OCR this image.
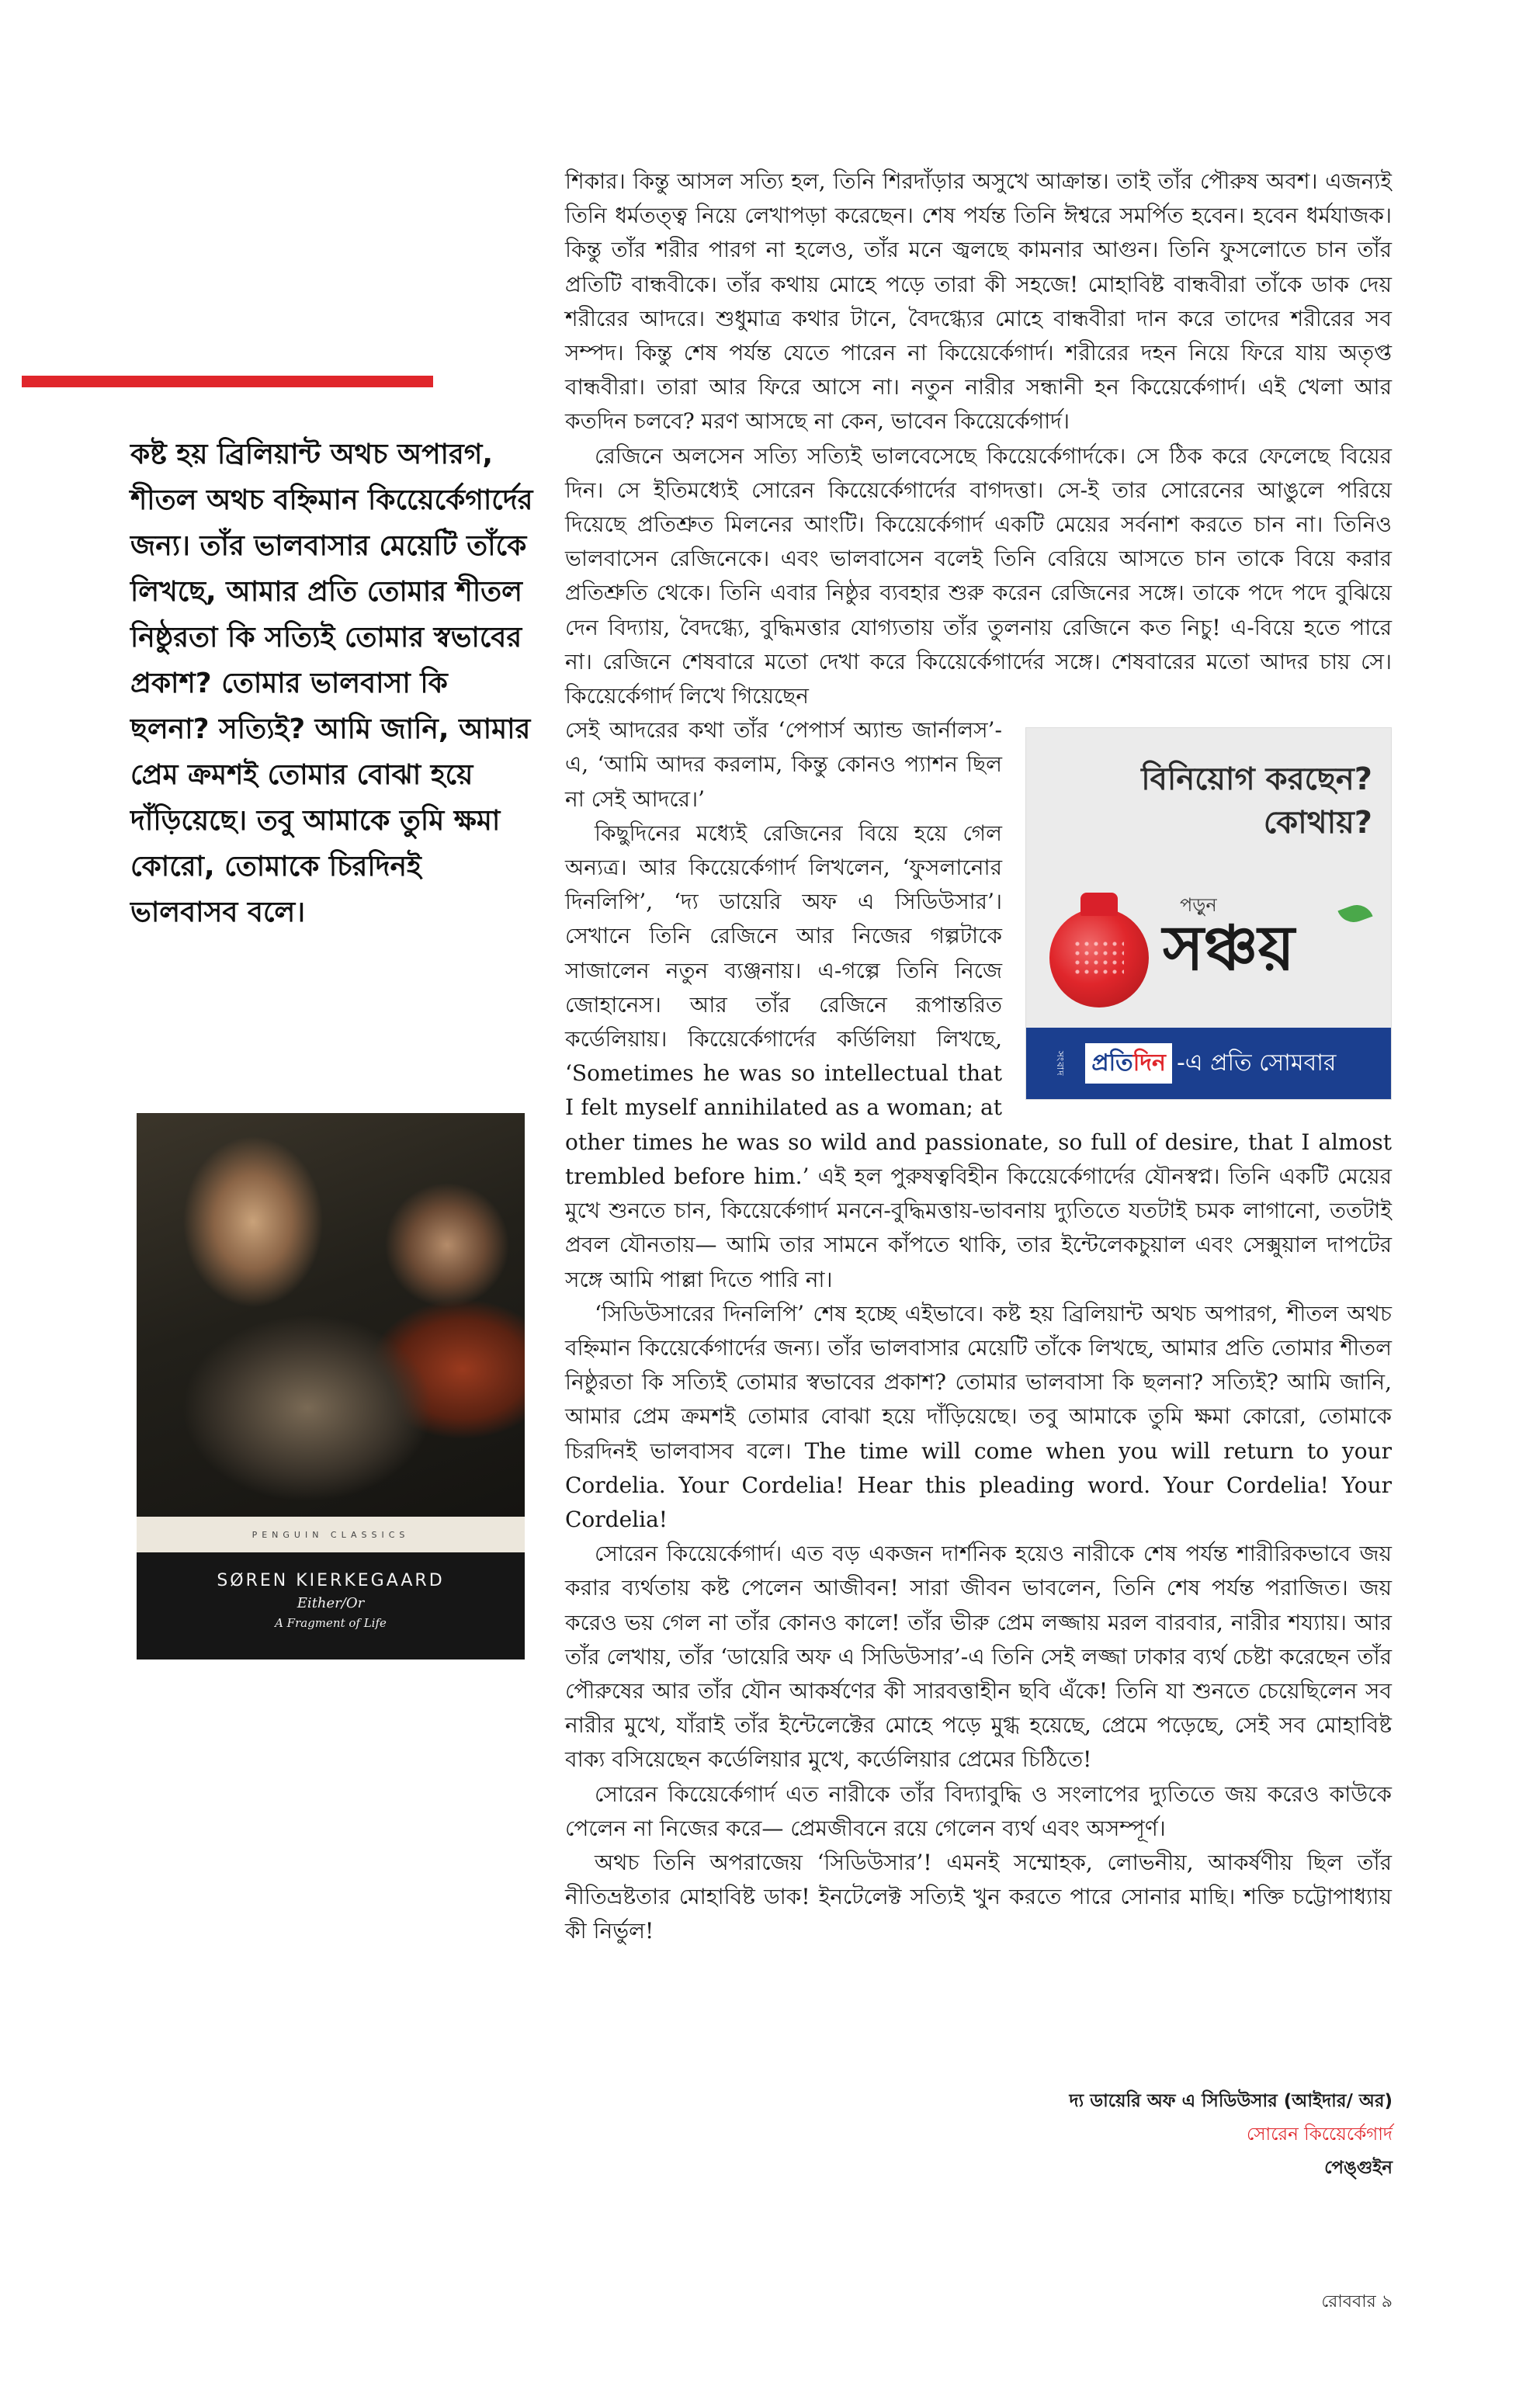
কষ্ট হয় ব্রিলিয়ান্ট অথচ অপারগ, শীতল অথচ বহ্নিমান কিয়েের্কেগার্দের জন্য। তাঁর ভালবাসার মেয়েটি তাঁকে লিখছে, আমার প্রতি তোমার শীতল নিষ্ঠুরতা কি সত্যিই তোমার স্বভাবের প্রকাশ? তোমার ভালবাসা কি ছলনা? সত্যিই? আমি জানি, আমার প্রেম ক্রমশই তোমার বোঝা হয়ে দাঁড়িয়েছে। তবু আমাকে তুমি ক্ষমা কোরো, তোমাকে চিরদিনই ভালবাসব বলে।
PENGUIN CLASSICS
SØREN KIERKEGAARD
Either/Or
A Fragment of Life

শিকার। কিন্তু আসল সত্যি হল, তিনি শিরদাঁড়ার অসুখে আক্রান্ত। তাই তাঁর পৌরুষ অবশ। এজন্যই তিনি ধর্মতত্ত্ব নিয়ে লেখাপড়া করেছেন। শেষ পর্যন্ত তিনি ঈশ্বরে সমর্পিত হবেন। হবেন ধর্মযাজক। কিন্তু তাঁর শরীর পারগ না হলেও, তাঁর মনে জ্বলছে কামনার আগুন। তিনি ফুসলোতে চান তাঁর প্রতিটি বান্ধবীকে। তাঁর কথায় মোহে পড়ে তারা কী সহজে! মোহাবিষ্ট বান্ধবীরা তাঁকে ডাক দেয় শরীরের আদরে। শুধুমাত্র কথার টানে, বৈদগ্ধ্যের মোহে বান্ধবীরা দান করে তাদের শরীরের সব সম্পদ। কিন্তু শেষ পর্যন্ত যেতে পারেন না কিয়েের্কেগার্দ। শরীরের দহন নিয়ে ফিরে যায় অতৃপ্ত বান্ধবীরা। তারা আর ফিরে আসে না। নতুন নারীর সন্ধানী হন কিয়েের্কেগার্দ। এই খেলা আর কতদিন চলবে? মরণ আসছে না কেন, ভাবেন কিয়েের্কেগার্দ।

রেজিনে অলসেন সত্যি সত্যিই ভালবেসেছে কিয়েের্কেগার্দকে। সে ঠিক করে ফেলেছে বিয়ের দিন। সে ইতিমধ্যেই সোরেন কিয়েের্কেগার্দের বাগদত্তা। সে-ই তার সোরেনের আঙুলে পরিয়ে দিয়েছে প্রতিশ্রুত মিলনের আংটি। কিয়েের্কেগার্দ একটি মেয়ের সর্বনাশ করতে চান না। তিনিও ভালবাসেন রেজিনেকে। এবং ভালবাসেন বলেই তিনি বেরিয়ে আসতে চান তাকে বিয়ে করার প্রতিশ্রুতি থেকে। তিনি এবার নিষ্ঠুর ব্যবহার শুরু করেন রেজিনের সঙ্গে। তাকে পদে পদে বুঝিয়ে দেন বিদ্যায়, বৈদগ্ধ্যে, বুদ্ধিমত্তার যোগ্যতায় তাঁর তুলনায় রেজিনে কত নিচু! এ-বিয়ে হতে পারে না। রেজিনে শেষবারে মতো দেখা করে কিয়েের্কেগার্দের সঙ্গে। শেষবারের মতো আদর চায় সে। কিয়েের্কেগার্দ লিখে গিয়েছেন

বিনিয়োগ করছেন?
কোথায়?
পড়ুন
সঞ্চয়
সংবাদ	প্রতিদিন -এ প্রতি সোমবার

সেই আদরের কথা তাঁর ‘পেপার্স অ্যান্ড জার্নালস’-এ, ‘আমি আদর করলাম, কিন্তু কোনও প্যাশন ছিল না সেই আদরে।’

কিছুদিনের মধ্যেই রেজিনের বিয়ে হয়ে গেল অন্যত্র। আর কিয়েের্কেগার্দ লিখলেন, ‘ফুসলানোর দিনলিপি’, ‘দ্য ডায়েরি অফ এ সিডিউসার’। সেখানে তিনি রেজিনে আর নিজের গল্পটাকে সাজালেন নতুন ব্যঞ্জনায়। এ-গল্পে তিনি নিজে জোহানেস। আর তাঁর রেজিনে রূপান্তরিত কর্ডেলিয়ায়। কিয়েের্কেগার্দের কর্ডিলিয়া লিখছে, ‘Sometimes he was so intellectual that I felt myself annihilated as a woman; at other times he was so wild and passionate, so full of desire, that I almost trembled before him.’ এই হল পুরুষত্ববিহীন কিয়েের্কেগার্দের যৌনস্বপ্ন। তিনি একটি মেয়ের মুখে শুনতে চান, কিয়েের্কেগার্দ মননে-বুদ্ধিমত্তায়-ভাবনায় দ্যুতিতে যতটাই চমক লাগানো, ততটাই প্রবল যৌনতায়— আমি তার সামনে কাঁপতে থাকি, তার ইন্টেলেকচুয়াল এবং সেক্সুয়াল দাপটের সঙ্গে আমি পাল্লা দিতে পারি না।

‘সিডিউসারের দিনলিপি’ শেষ হচ্ছে এইভাবে। কষ্ট হয় ব্রিলিয়ান্ট অথচ অপারগ, শীতল অথচ বহ্নিমান কিয়েের্কেগার্দের জন্য। তাঁর ভালবাসার মেয়েটি তাঁকে লিখছে, আমার প্রতি তোমার শীতল নিষ্ঠুরতা কি সত্যিই তোমার স্বভাবের প্রকাশ? তোমার ভালবাসা কি ছলনা? সত্যিই? আমি জানি, আমার প্রেম ক্রমশই তোমার বোঝা হয়ে দাঁড়িয়েছে। তবু আমাকে তুমি ক্ষমা কোরো, তোমাকে চিরদিনই ভালবাসব বলে। The time will come when you will return to your Cordelia. Your Cordelia! Hear this pleading word. Your Cordelia! Your Cordelia!

সোরেন কিয়েের্কেগার্দ। এত বড় একজন দার্শনিক হয়েও নারীকে শেষ পর্যন্ত শারীরিকভাবে জয় করার ব্যর্থতায় কষ্ট পেলেন আজীবন! সারা জীবন ভাবলেন, তিনি শেষ পর্যন্ত পরাজিত। জয় করেও ভয় গেল না তাঁর কোনও কালে! তাঁর ভীরু প্রেম লজ্জায় মরল বারবার, নারীর শয্যায়। আর তাঁর লেখায়, তাঁর ‘ডায়েরি অফ এ সিডিউসার’-এ তিনি সেই লজ্জা ঢাকার ব্যর্থ চেষ্টা করেছেন তাঁর পৌরুষের আর তাঁর যৌন আকর্ষণের কী সারবত্তাহীন ছবি এঁকে! তিনি যা শুনতে চেয়েছিলেন সব নারীর মুখে, যাঁরাই তাঁর ইন্টেলেক্টের মোহে পড়ে মুগ্ধ হয়েছে, প্রেমে পড়েছে, সেই সব মোহাবিষ্ট বাক্য বসিয়েছেন কর্ডেলিয়ার মুখে, কর্ডেলিয়ার প্রেমের চিঠিতে!

সোরেন কিয়েের্কেগার্দ এত নারীকে তাঁর বিদ্যাবুদ্ধি ও সংলাপের দ্যুতিতে জয় করেও কাউকে পেলেন না নিজের করে— প্রেমজীবনে রয়ে গেলেন ব্যর্থ এবং অসম্পূর্ণ।

অথচ তিনি অপরাজেয় ‘সিডিউসার’! এমনই সম্মোহক, লোভনীয়, আকর্ষণীয় ছিল তাঁর নীতিভ্রষ্টতার মোহাবিষ্ট ডাক! ইনটেলেক্ট সত্যিই খুন করতে পারে সোনার মাছি। শক্তি চট্টোপাধ্যায় কী নির্ভুল!

দ্য ডায়েরি অফ এ সিডিউসার (আইদার/ অর)
সোরেন কিয়েের্কেগার্দ
পেঙ্গুইন
রোববার ৯
